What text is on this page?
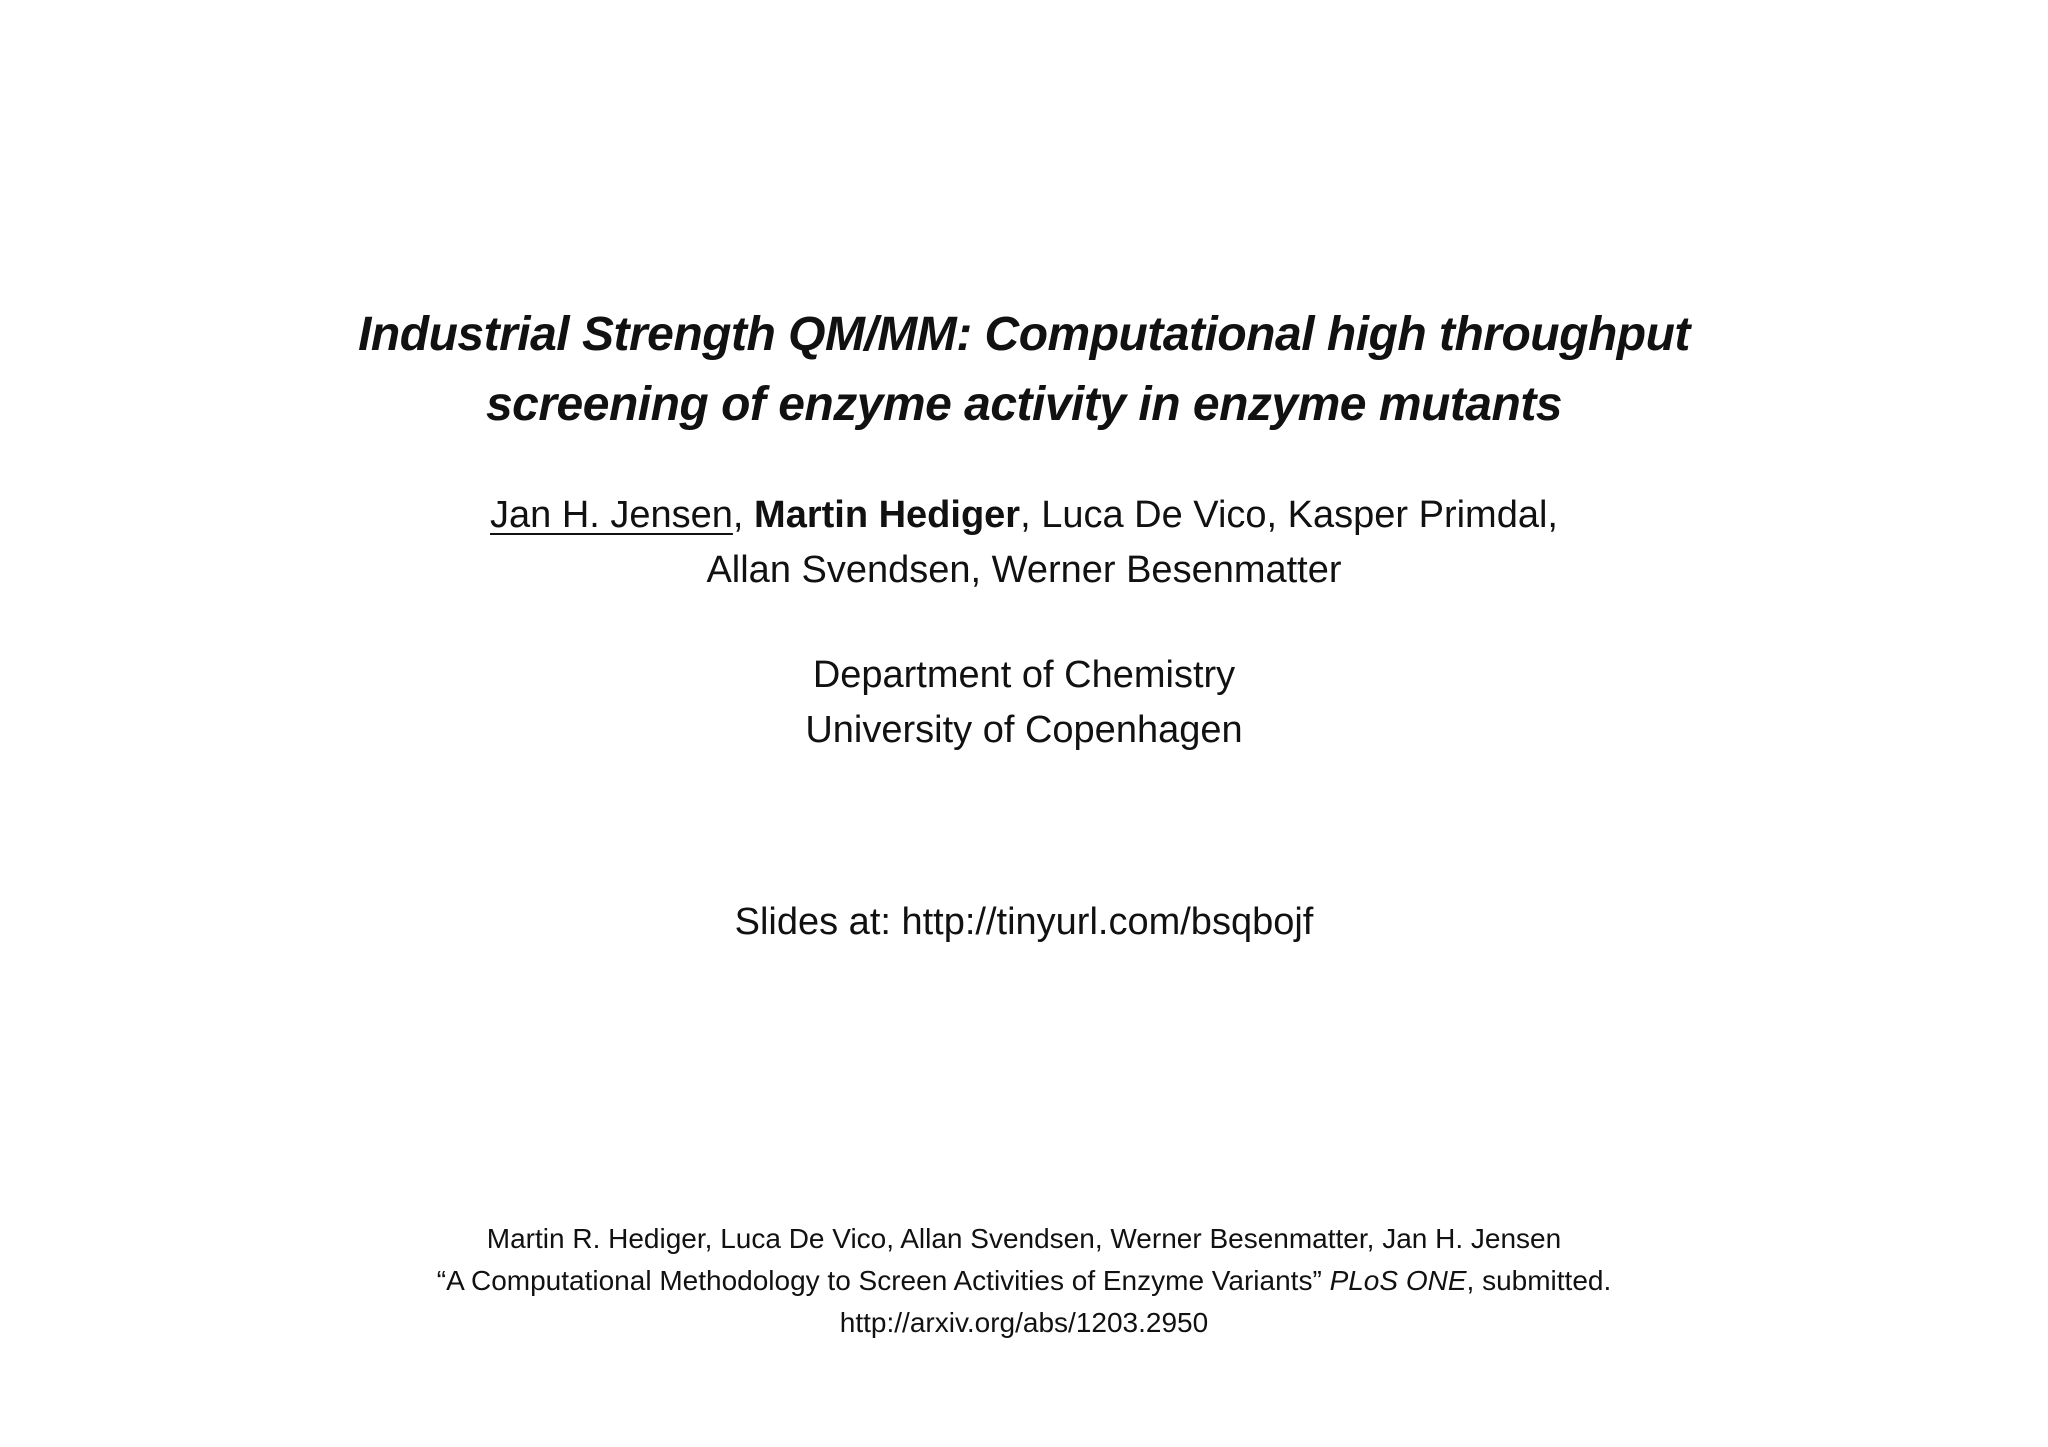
Industrial Strength QM/MM: Computational high throughput
screening of enzyme activity in enzyme mutants
Jan H. Jensen, Martin Hediger, Luca De Vico, Kasper Primdal,
Allan Svendsen, Werner Besenmatter
Department of Chemistry
University of Copenhagen
Slides at: http://tinyurl.com/bsqbojf
Martin R. Hediger, Luca De Vico, Allan Svendsen, Werner Besenmatter, Jan H. Jensen
“A Computational Methodology to Screen Activities of Enzyme Variants” PLoS ONE, submitted.
http://arxiv.org/abs/1203.2950
